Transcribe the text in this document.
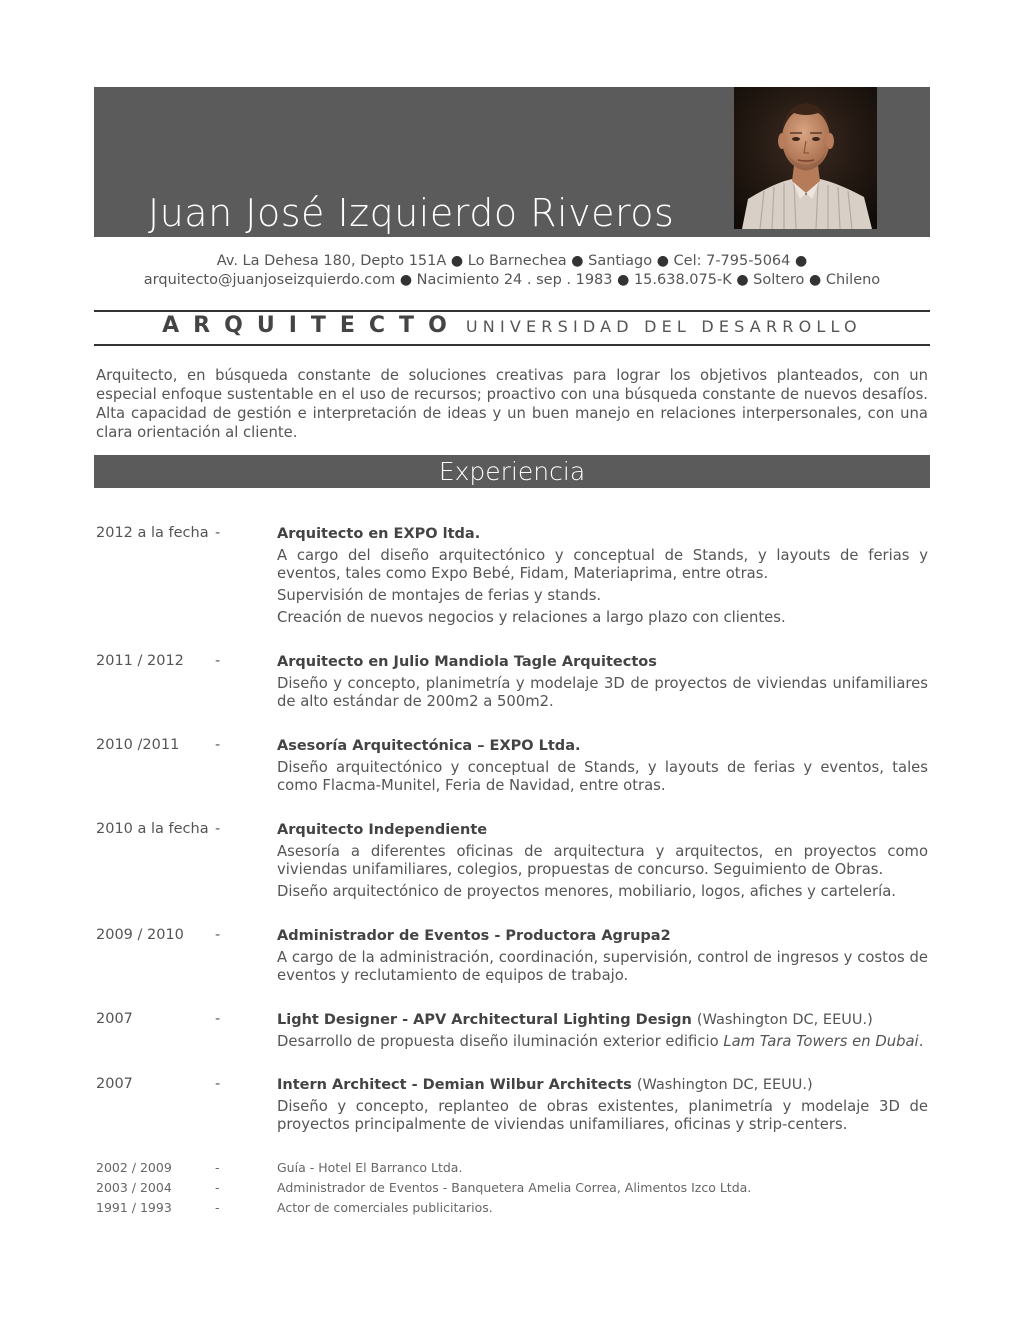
Juan José Izquierdo Riveros
Av. La Dehesa 180, Depto 151A ● Lo Barnechea ● Santiago ● Cel: 7-795-5064 ●
arquitecto@juanjoseizquierdo.com ● Nacimiento 24 . sep . 1983 ● 15.638.075-K ● Soltero ● Chileno
ARQUITECTO UNIVERSIDAD DEL DESARROLLO
Arquitecto, en búsqueda constante de soluciones creativas para lograr los objetivos planteados, con un especial enfoque sustentable en el uso de recursos; proactivo con una búsqueda constante de nuevos desafíos. Alta capacidad de gestión e interpretación de ideas y un buen manejo en relaciones interpersonales, con una clara orientación al cliente.
Experiencia
2012 a la fecha -	Arquitecto en EXPO ltda.

A cargo del diseño arquitectónico y conceptual de Stands, y layouts de ferias y eventos, tales como Expo Bebé, Fidam, Materiaprima, entre otras.

Supervisión de montajes de ferias y stands.

Creación de nuevos negocios y relaciones a largo plazo con clientes.

2011 / 2012 -	Arquitecto en Julio Mandiola Tagle Arquitectos

Diseño y concepto, planimetría y modelaje 3D de proyectos de viviendas unifamiliares de alto estándar de 200m2 a 500m2.

2010 /2011 -	Asesoría Arquitectónica – EXPO Ltda.

Diseño arquitectónico y conceptual de Stands, y layouts de ferias y eventos, tales como Flacma-Munitel, Feria de Navidad, entre otras.

2010 a la fecha -	Arquitecto Independiente

Asesoría a diferentes oficinas de arquitectura y arquitectos, en proyectos como viviendas unifamiliares, colegios, propuestas de concurso. Seguimiento de Obras.

Diseño arquitectónico de proyectos menores, mobiliario, logos, afiches y cartelería.

2009 / 2010 -	Administrador de Eventos - Productora Agrupa2

A cargo de la administración, coordinación, supervisión, control de ingresos y costos de eventos y reclutamiento de equipos de trabajo.

2007	-	Light Designer - APV Architectural Lighting Design (Washington DC, EEUU.)

Desarrollo de propuesta diseño iluminación exterior edificio Lam Tara Towers en Dubai.

2007	-	Intern Architect - Demian Wilbur Architects (Washington DC, EEUU.)

Diseño y concepto, replanteo de obras existentes, planimetría y modelaje 3D de proyectos principalmente de viviendas unifamiliares, oficinas y strip-centers.

2002 / 2009	-	Guía - Hotel El Barranco Ltda.
2003 / 2004	-	Administrador de Eventos - Banquetera Amelia Correa, Alimentos Izco Ltda.
1991 / 1993	-	Actor de comerciales publicitarios.
